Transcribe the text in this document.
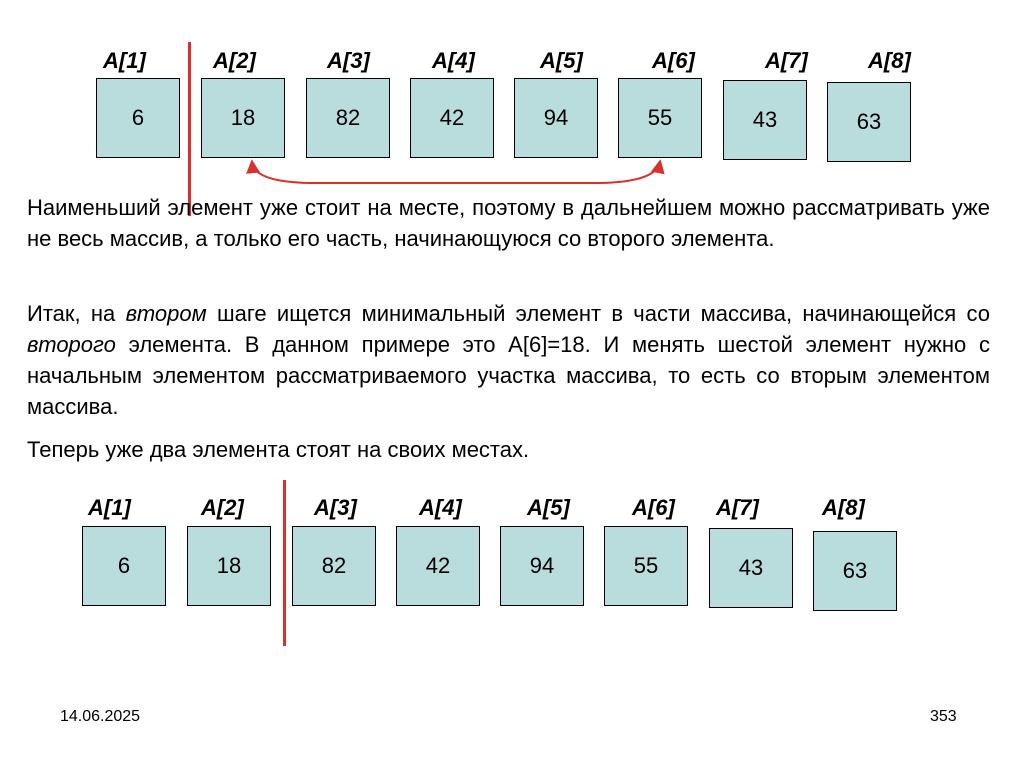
A[1]	A[2]	A[3]	A[4]	A[5]	A[6]	A[7]	A[8]
6	18	82	42	94	55	43	63

Наименьший элемент уже стоит на месте, поэтому в дальнейшем можно рассматривать уже не весь массив, а только его часть, начинающуюся со второго элемента.

Итак, на втором шаге ищется минимальный элемент в части массива, начинающейся со второго элемента. В данном примере это A[6]=18. И менять шестой элемент нужно с начальным элементом рассматриваемого участка массива, то есть со вторым элементом массива.

Теперь уже два элемента стоят на своих местах.

A[1]	A[2]	A[3]	A[4]	A[5]	A[6] A[7]	A[8]
6	18	82	42	94	55	43	63
14.06.2025	353
